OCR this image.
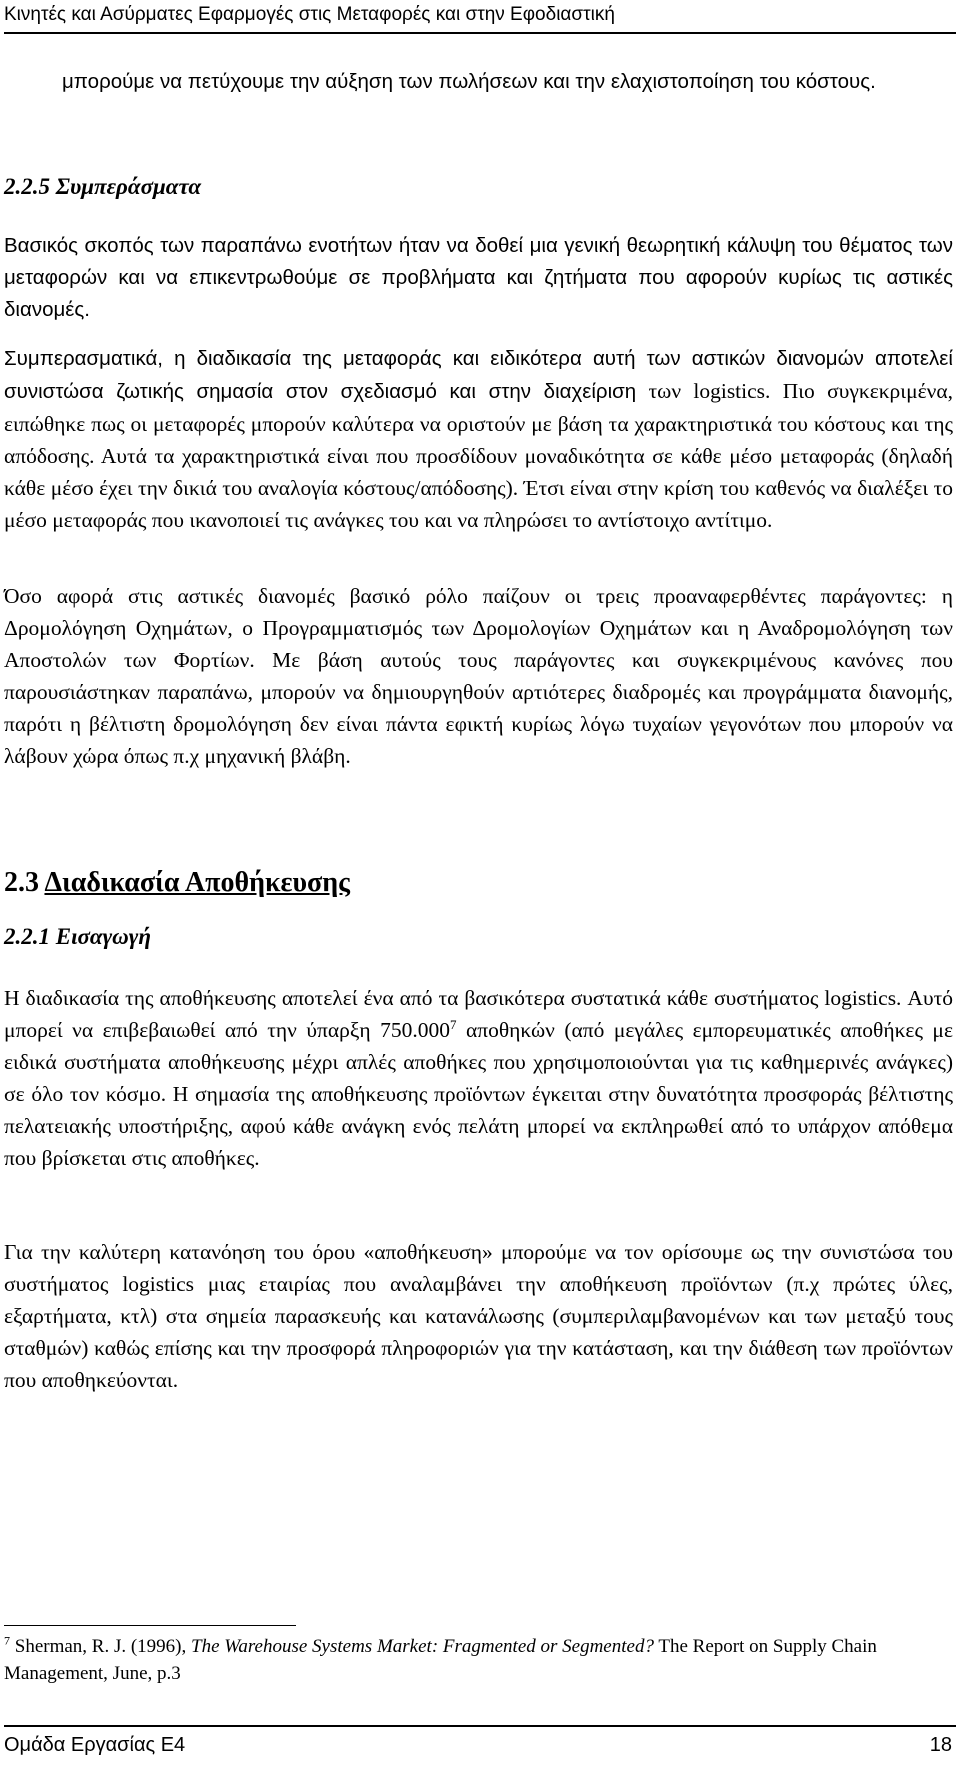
Κινητές και Ασύρματες Εφαρμογές στις Μεταφορές και στην Εφοδιαστική

μπορούμε να πετύχουμε την αύξηση των πωλήσεων και την ελαχιστοποίηση του κόστους.

2.2.5 Συμπεράσματα

Βασικός σκοπός των παραπάνω ενοτήτων ήταν να δοθεί μια γενική θεωρητική κάλυψη του θέματος των μεταφορών και να επικεντρωθούμε σε προβλήματα και ζητήματα που αφορούν κυρίως τις αστικές διανομές.

Συμπερασματικά, η διαδικασία της μεταφοράς και ειδικότερα αυτή των αστικών διανομών αποτελεί συνιστώσα ζωτικής σημασία στον σχεδιασμό και στην διαχείριση των logistics. Πιο συγκεκριμένα, ειπώθηκε πως οι μεταφορές μπορούν καλύτερα να οριστούν με βάση τα χαρακτηριστικά του κόστους και της απόδοσης. Αυτά τα χαρακτηριστικά είναι που προσδίδουν μοναδικότητα σε κάθε μέσο μεταφοράς (δηλαδή κάθε μέσο έχει την δικιά του αναλογία κόστους/απόδοσης). Έτσι είναι στην κρίση του καθενός να διαλέξει το μέσο μεταφοράς που ικανοποιεί τις ανάγκες του και να πληρώσει το αντίστοιχο αντίτιμο.

Όσο αφορά στις αστικές διανομές βασικό ρόλο παίζουν οι τρεις προαναφερθέντες παράγοντες: η Δρομολόγηση Οχημάτων, ο Προγραμματισμός των Δρομολογίων Οχημάτων και η Αναδρομολόγηση των Αποστολών των Φορτίων. Με βάση αυτούς τους παράγοντες και συγκεκριμένους κανόνες που παρουσιάστηκαν παραπάνω, μπορούν να δημιουργηθούν αρτιότερες διαδρομές και προγράμματα διανομής, παρότι η βέλτιστη δρομολόγηση δεν είναι πάντα εφικτή κυρίως λόγω τυχαίων γεγονότων που μπορούν να λάβουν χώρα όπως π.χ μηχανική βλάβη.

2.3 Διαδικασία Αποθήκευσης
2.2.1 Εισαγωγή

Η διαδικασία της αποθήκευσης αποτελεί ένα από τα βασικότερα συστατικά κάθε συστήματος logistics. Αυτό μπορεί να επιβεβαιωθεί από την ύπαρξη 750.000$^7$ αποθηκών (από μεγάλες εμπορευματικές αποθήκες με ειδικά συστήματα αποθήκευσης μέχρι απλές αποθήκες που χρησιμοποιούνται για τις καθημερινές ανάγκες) σε όλο τον κόσμο. Η σημασία της αποθήκευσης προϊόντων έγκειται στην δυνατότητα προσφοράς βέλτιστης πελατειακής υποστήριξης, αφού κάθε ανάγκη ενός πελάτη μπορεί να εκπληρωθεί από το υπάρχον απόθεμα που βρίσκεται στις αποθήκες.

Για την καλύτερη κατανόηση του όρου «αποθήκευση» μπορούμε να τον ορίσουμε ως την συνιστώσα του συστήματος logistics μιας εταιρίας που αναλαμβάνει την αποθήκευση προϊόντων (π.χ πρώτες ύλες, εξαρτήματα, κτλ) στα σημεία παρασκευής και κατανάλωσης (συμπεριλαμβανομένων και των μεταξύ τους σταθμών) καθώς επίσης και την προσφορά πληροφοριών για την κατάσταση, και την διάθεση των προϊόντων που αποθηκεύονται.

$^7$ Sherman, R. J. (1996), The Warehouse Systems Market: Fragmented or Segmented? The Report on Supply Chain Management, June, p.3

Ομάδα Εργασίας Ε4	18
